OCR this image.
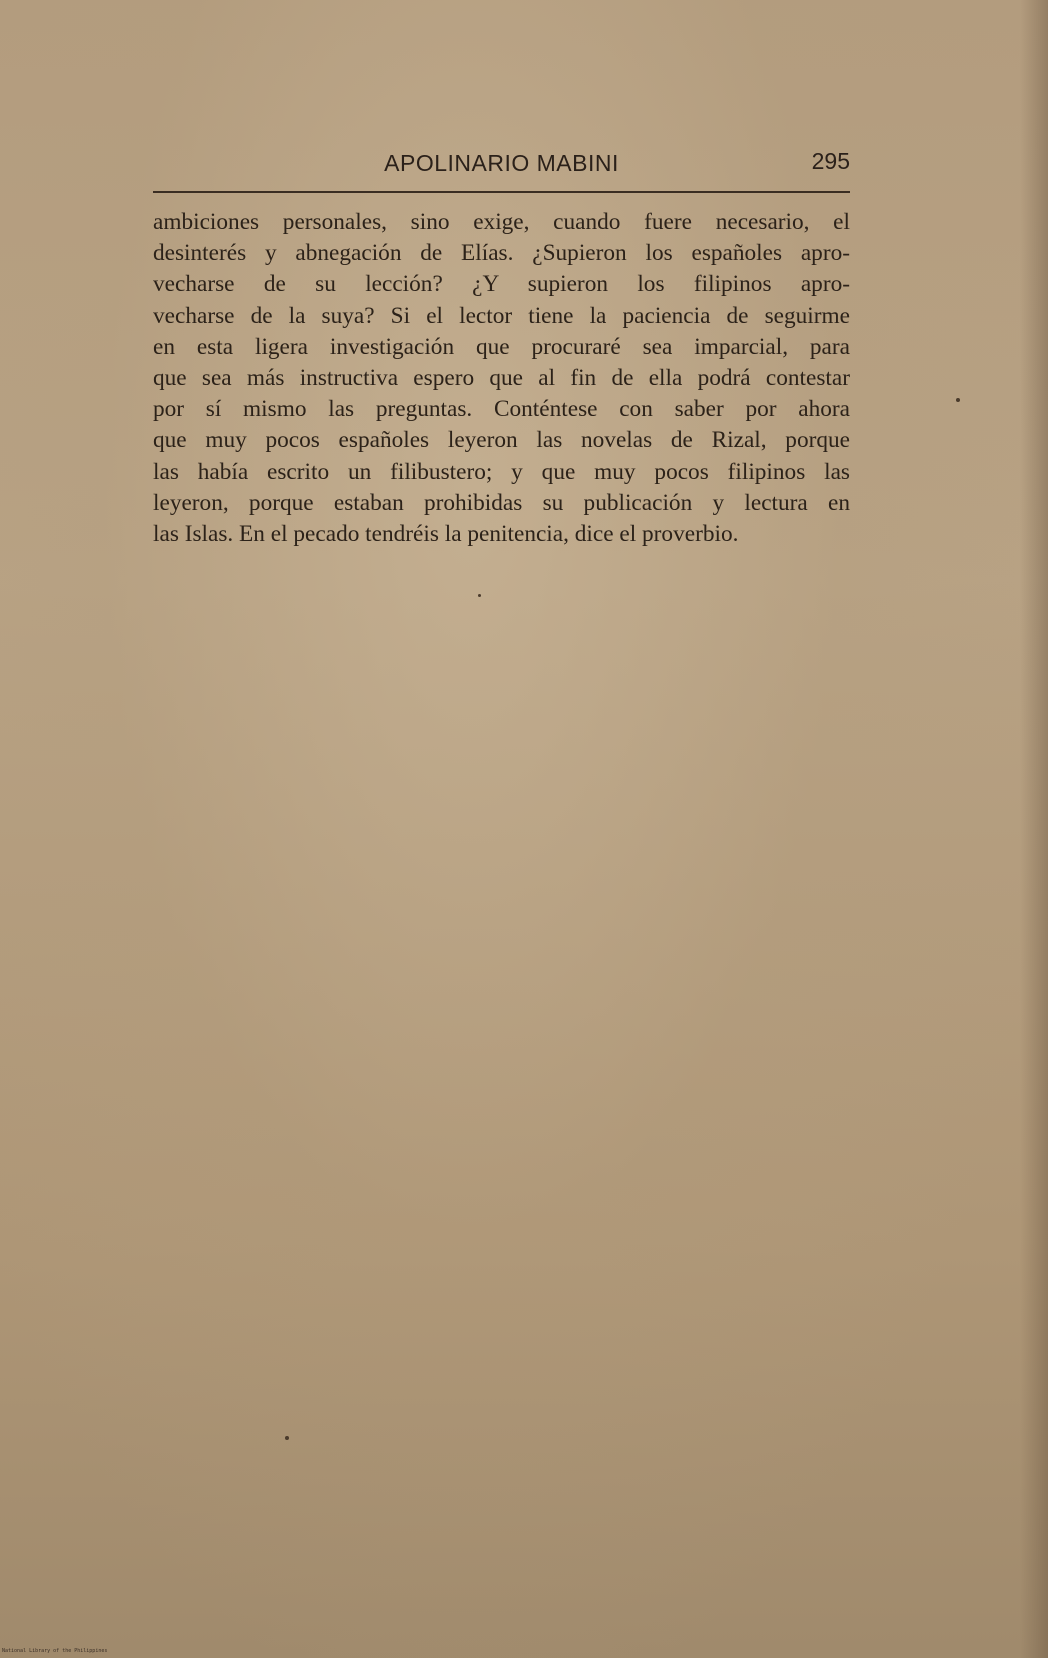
APOLINARIO MABINI	295
ambiciones personales, sino exige, cuando fuere necesario, el
desinterés y abnegación de Elías. ¿Supieron los españoles apro-
vecharse de su lección? ¿Y supieron los filipinos apro-
vecharse de la suya? Si el lector tiene la paciencia de seguirme
en esta ligera investigación que procuraré sea imparcial, para
que sea más instructiva espero que al fin de ella podrá contestar
por sí mismo las preguntas. Conténtese con saber por ahora
que muy pocos españoles leyeron las novelas de Rizal, porque
las había escrito un filibustero; y que muy pocos filipinos las
leyeron, porque estaban prohibidas su publicación y lectura en
las Islas. En el pecado tendréis la penitencia, dice el proverbio.
National Library of the Philippines
